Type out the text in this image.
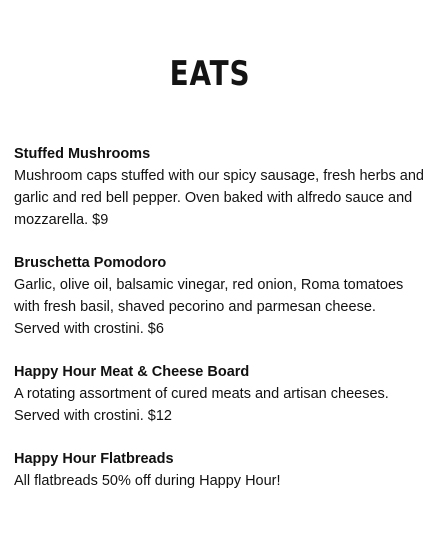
EATS

Stuffed Mushrooms

Mushroom caps stuffed with our spicy sausage, fresh herbs and garlic and red bell pepper. Oven baked with alfredo sauce and mozzarella. $9

Bruschetta Pomodoro

Garlic, olive oil, balsamic vinegar, red onion, Roma tomatoes with fresh basil, shaved pecorino and parmesan cheese. Served with crostini. $6

Happy Hour Meat & Cheese Board

A rotating assortment of cured meats and artisan cheeses. Served with crostini. $12

Happy Hour Flatbreads

All flatbreads 50% off during Happy Hour!
